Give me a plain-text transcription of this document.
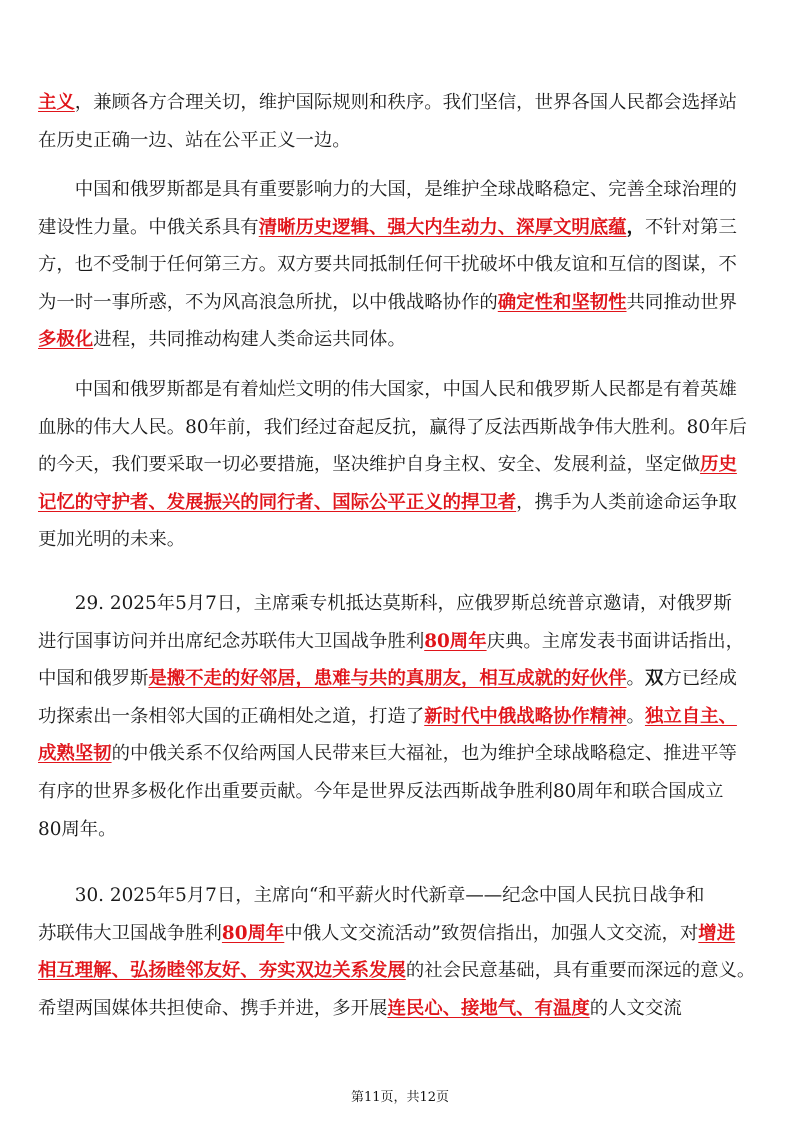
主义，兼顾各方合理关切，维护国际规则和秩序。我们坚信，世界各国人民都会选择站
在历史正确一边、站在公平正义一边。
　　中国和俄罗斯都是具有重要影响力的大国，是维护全球战略稳定、完善全球治理的
建设性力量。中俄关系具有清晰历史逻辑、强大内生动力、深厚文明底蕴，不针对第三
方，也不受制于任何第三方。双方要共同抵制任何干扰破坏中俄友谊和互信的图谋，不
为一时一事所惑，不为风高浪急所扰，以中俄战略协作的确定性和坚韧性共同推动世界
多极化进程，共同推动构建人类命运共同体。
　　中国和俄罗斯都是有着灿烂文明的伟大国家，中国人民和俄罗斯人民都是有着英雄
血脉的伟大人民。80年前，我们经过奋起反抗，赢得了反法西斯战争伟大胜利。80年后
的今天，我们要采取一切必要措施，坚决维护自身主权、安全、发展利益，坚定做历史
记忆的守护者、发展振兴的同行者、国际公平正义的捍卫者，携手为人类前途命运争取
更加光明的未来。
　　29. 2025年5月7日，主席乘专机抵达莫斯科，应俄罗斯总统普京邀请，对俄罗斯
进行国事访问并出席纪念苏联伟大卫国战争胜利80周年庆典。主席发表书面讲话指出，
中国和俄罗斯是搬不走的好邻居，患难与共的真朋友，相互成就的好伙伴。双方已经成
功探索出一条相邻大国的正确相处之道，打造了新时代中俄战略协作精神。独立自主、
成熟坚韧的中俄关系不仅给两国人民带来巨大福祉，也为维护全球战略稳定、推进平等
有序的世界多极化作出重要贡献。今年是世界反法西斯战争胜利80周年和联合国成立
80周年。
　　30. 2025年5月7日，主席向“和平薪火时代新章——纪念中国人民抗日战争和
苏联伟大卫国战争胜利80周年中俄人文交流活动”致贺信指出，加强人文交流，对增进
相互理解、弘扬睦邻友好、夯实双边关系发展的社会民意基础，具有重要而深远的意义。
希望两国媒体共担使命、携手并进，多开展连民心、接地气、有温度的人文交流
第11页，共12页
